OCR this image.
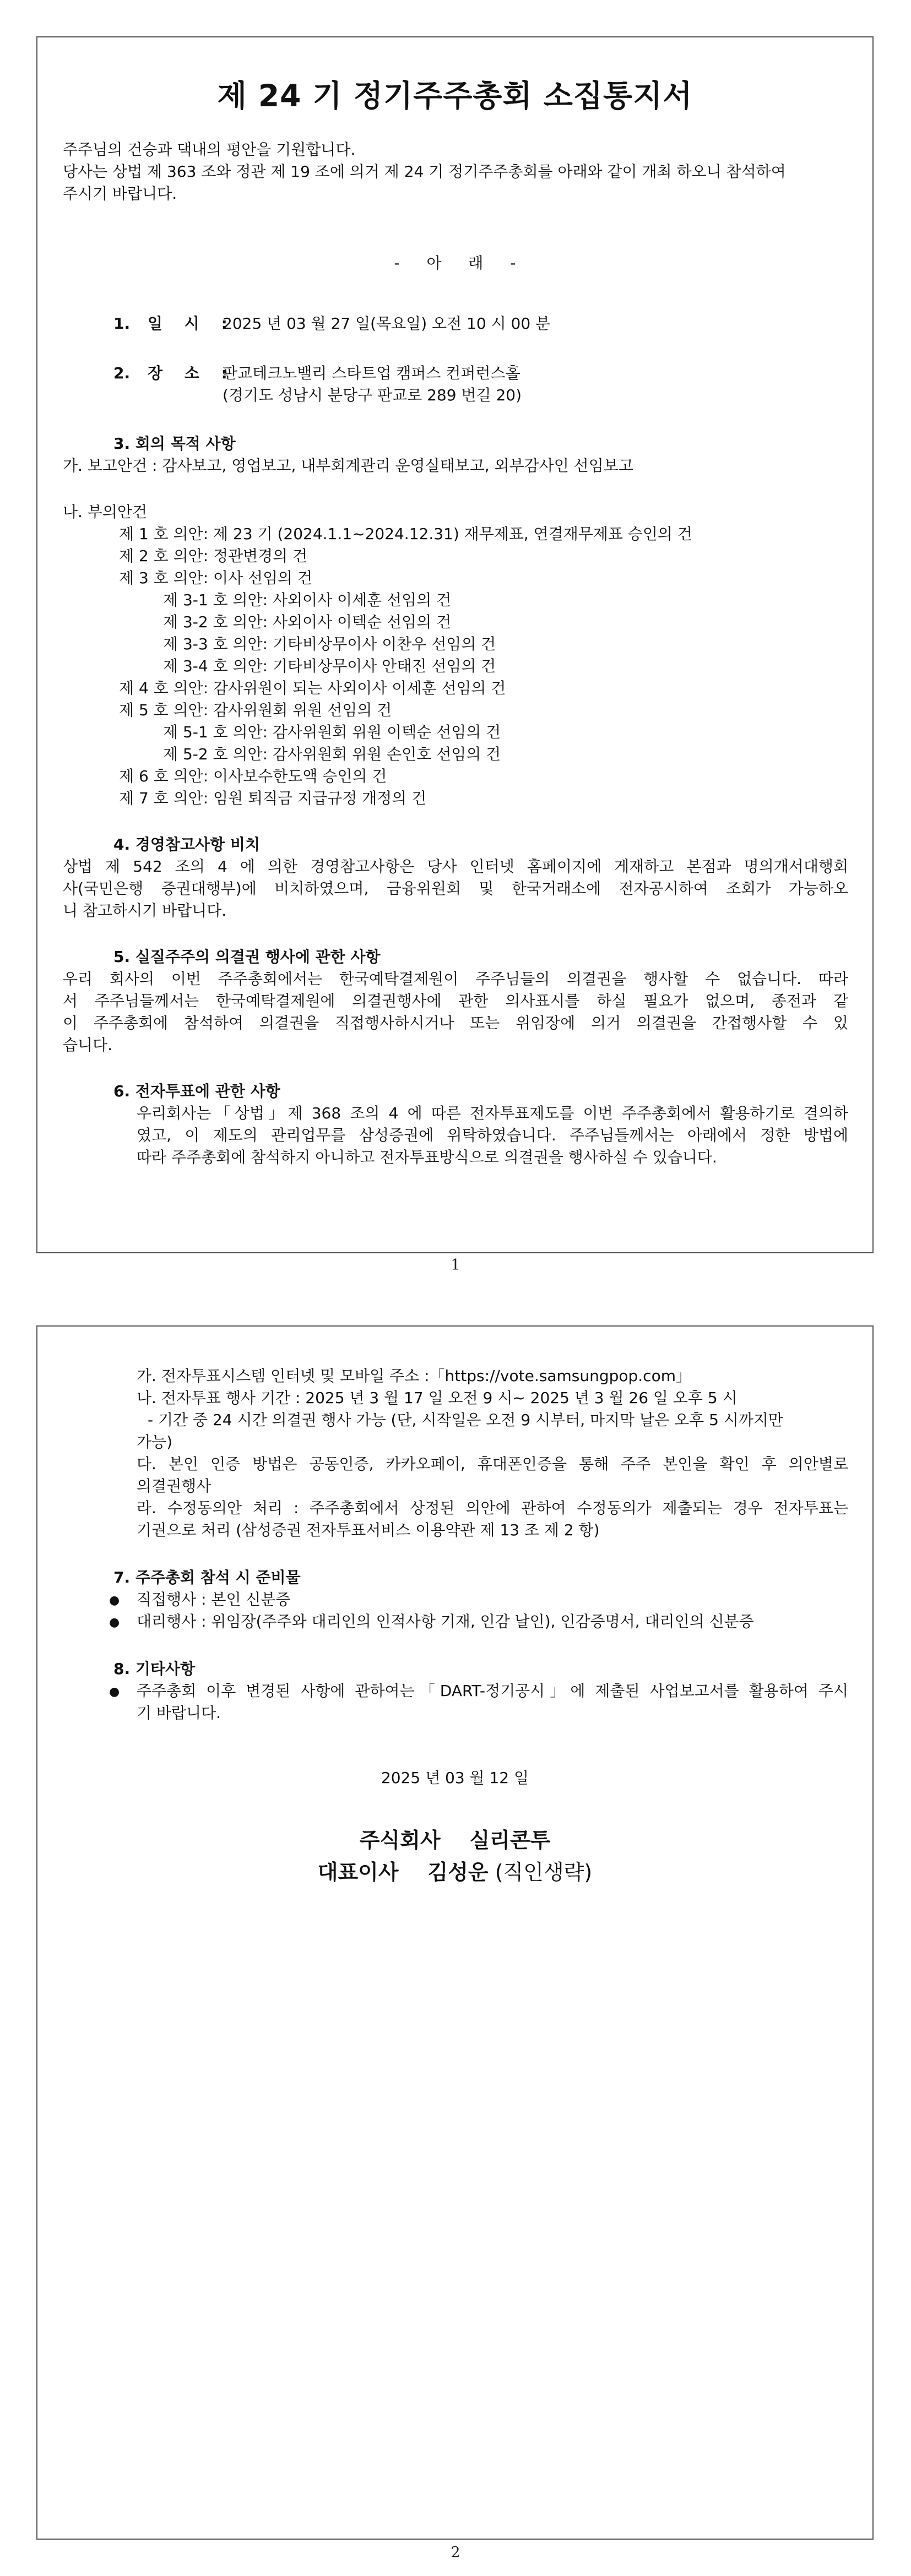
제 24 기 정기주주총회 소집통지서
주주님의 건승과 댁내의 평안을 기원합니다.
당사는 상법 제 363 조와 정관 제 19 조에 의거 제 24 기 정기주주총회를 아래와 같이 개최 하오니 참석하여
주시기 바랍니다.
- 아 래 -
1. 일 시 :
2025 년 03 월 27 일(목요일) 오전 10 시 00 분
2. 장 소 :
판교테크노밸리 스타트업 캠퍼스 컨퍼런스홀
(경기도 성남시 분당구 판교로 289 번길 20)
3. 회의 목적 사항
가. 보고안건 : 감사보고, 영업보고, 내부회계관리 운영실태보고, 외부감사인 선임보고
나. 부의안건
제 1 호 의안: 제 23 기 (2024.1.1~2024.12.31) 재무제표, 연결재무제표 승인의 건
제 2 호 의안: 정관변경의 건
제 3 호 의안: 이사 선임의 건
제 3-1 호 의안: 사외이사 이세훈 선임의 건
제 3-2 호 의안: 사외이사 이텍순 선임의 건
제 3-3 호 의안: 기타비상무이사 이찬우 선임의 건
제 3-4 호 의안: 기타비상무이사 안태진 선임의 건
제 4 호 의안: 감사위원이 되는 사외이사 이세훈 선임의 건
제 5 호 의안: 감사위원회 위원 선임의 건
제 5-1 호 의안: 감사위원회 위원 이텍순 선임의 건
제 5-2 호 의안: 감사위원회 위원 손인호 선임의 건
제 6 호 의안: 이사보수한도액 승인의 건
제 7 호 의안: 임원 퇴직금 지급규정 개정의 건
4. 경영참고사항 비치
상법 제 542 조의 4 에 의한 경영참고사항은 당사 인터넷 홈페이지에 게재하고 본점과 명의개서대행회
사(국민은행 증권대행부)에 비치하였으며, 금융위원회 및 한국거래소에 전자공시하여 조회가 가능하오
니 참고하시기 바랍니다.
5. 실질주주의 의결권 행사에 관한 사항
우리 회사의 이번 주주총회에서는 한국예탁결제원이 주주님들의 의결권을 행사할 수 없습니다. 따라
서 주주님들께서는 한국예탁결제원에 의결권행사에 관한 의사표시를 하실 필요가 없으며, 종전과 같
이 주주총회에 참석하여 의결권을 직접행사하시거나 또는 위임장에 의거 의결권을 간접행사할 수 있
습니다.
6. 전자투표에 관한 사항
우리회사는「상법」제 368 조의 4 에 따른 전자투표제도를 이번 주주총회에서 활용하기로 결의하
였고, 이 제도의 관리업무를 삼성증권에 위탁하였습니다. 주주님들께서는 아래에서 정한 방법에
따라 주주총회에 참석하지 아니하고 전자투표방식으로 의결권을 행사하실 수 있습니다.
1
가. 전자투표시스템 인터넷 및 모바일 주소 :「https://vote.samsungpop.com」
나. 전자투표 행사 기간 : 2025 년 3 월 17 일 오전 9 시~ 2025 년 3 월 26 일 오후 5 시
- 기간 중 24 시간 의결권 행사 가능 (단, 시작일은 오전 9 시부터, 마지막 날은 오후 5 시까지만
가능)
다. 본인 인증 방법은 공동인증, 카카오페이, 휴대폰인증을 통해 주주 본인을 확인 후 의안별로
의결권행사
라. 수정동의안 처리 : 주주총회에서 상정된 의안에 관하여 수정동의가 제출되는 경우 전자투표는
기권으로 처리 (삼성증권 전자투표서비스 이용약관 제 13 조 제 2 항)
7. 주주총회 참석 시 준비물
● 직접행사 : 본인 신분증
● 대리행사 : 위임장(주주와 대리인의 인적사항 기재, 인감 날인), 인감증명서, 대리인의 신분증
8. 기타사항
● 주주총회 이후 변경된 사항에 관하여는「DART-정기공시」에 제출된 사업보고서를 활용하여 주시
기 바랍니다.
2025 년 03 월 12 일
주식회사    실리콘투
대표이사    김성운 (직인생략)
2
